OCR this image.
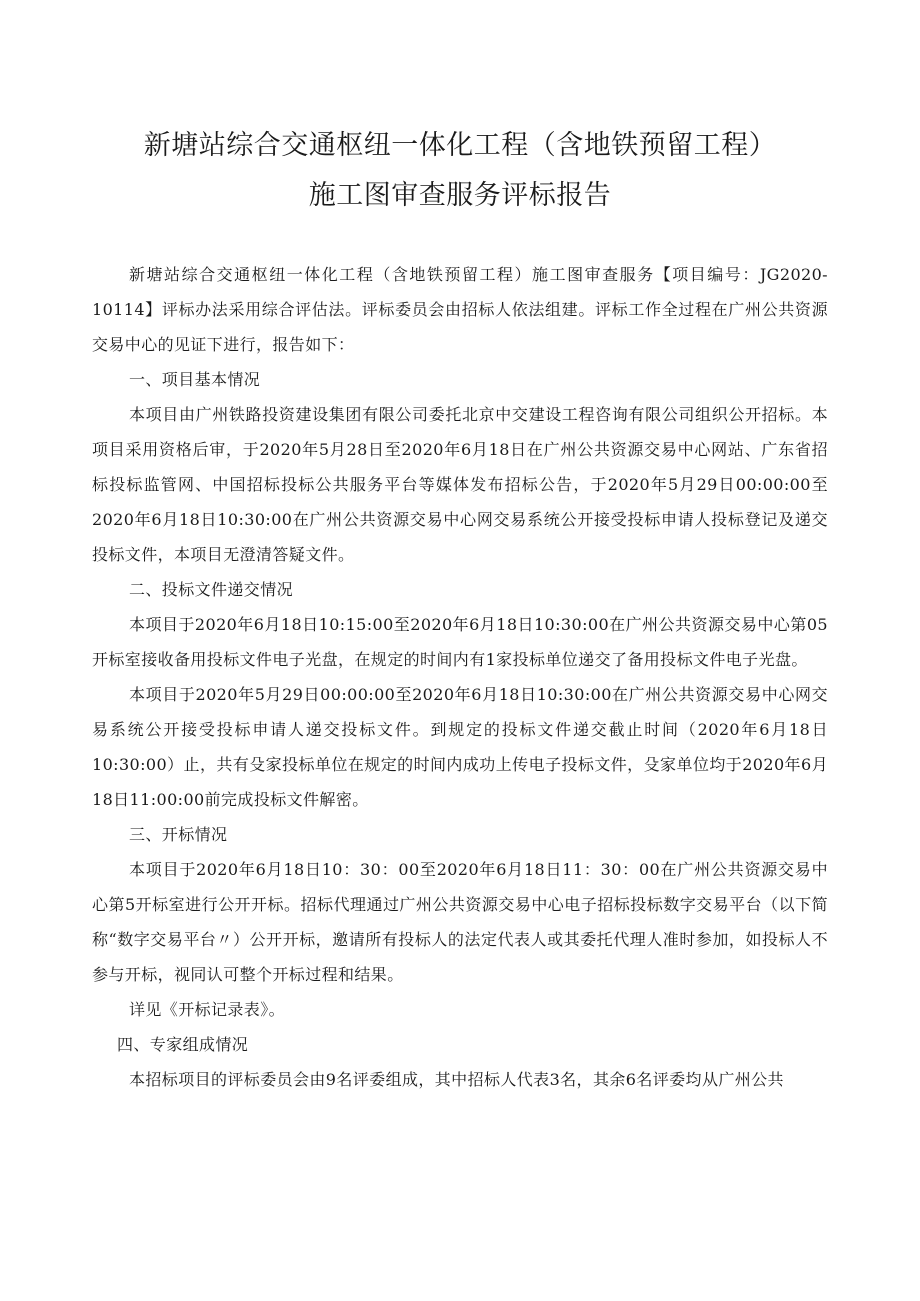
新塘站综合交通枢纽一体化工程（含地铁预留工程）
施工图审查服务评标报告

新塘站综合交通枢纽一体化工程（含地铁预留工程）施工图审查服务【项目编号：JG2020-10114】评标办法采用综合评估法。评标委员会由招标人依法组建。评标工作全过程在广州公共资源交易中心的见证下进行，报告如下：

一、项目基本情况

本项目由广州铁路投资建设集团有限公司委托北京中交建设工程咨询有限公司组织公开招标。本项目采用资格后审，于2020年5月28日至2020年6月18日在广州公共资源交易中心网站、广东省招标投标监管网、中国招标投标公共服务平台等媒体发布招标公告，于2020年5月29日00:00:00至2020年6月18日10:30:00在广州公共资源交易中心网交易系统公开接受投标申请人投标登记及递交投标文件，本项目无澄清答疑文件。

二、投标文件递交情况

本项目于2020年6月18日10:15:00至2020年6月18日10:30:00在广州公共资源交易中心第05开标室接收备用投标文件电子光盘，在规定的时间内有1家投标单位递交了备用投标文件电子光盘。

本项目于2020年5月29日00:00:00至2020年6月18日10:30:00在广州公共资源交易中心网交易系统公开接受投标申请人递交投标文件。到规定的投标文件递交截止时间（2020年6月18日10:30:00）止，共有殳家投标单位在规定的时间内成功上传电子投标文件，殳家单位均于2020年6月18日11:00:00前完成投标文件解密。

三、开标情况

本项目于2020年6月18日10：30：00至2020年6月18日11：30：00在广州公共资源交易中心第5开标室进行公开开标。招标代理通过广州公共资源交易中心电子招标投标数字交易平台（以下简称“数字交易平台〃）公开开标，邀请所有投标人的法定代表人或其委托代理人准时参加，如投标人不参与开标，视同认可整个开标过程和结果。

详见《开标记录表》。

四、专家组成情况

本招标项目的评标委员会由9名评委组成，其中招标人代表3名，其余6名评委均从广州公共
